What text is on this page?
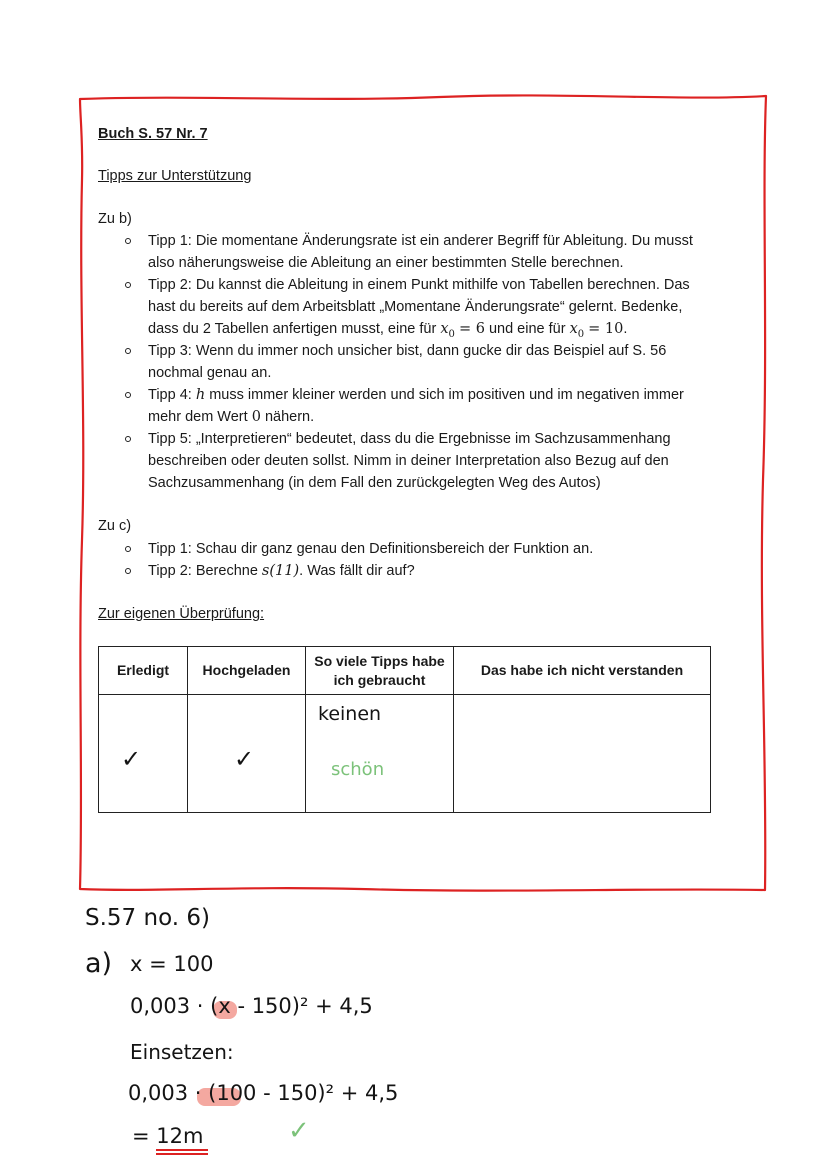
Buch S. 57 Nr. 7
Tipps zur Unterstützung
Zu b)
Tipp 1: Die momentane Änderungsrate ist ein anderer Begriff für Ableitung. Du musst
also näherungsweise die Ableitung an einer bestimmten Stelle berechnen.
Tipp 2: Du kannst die Ableitung in einem Punkt mithilfe von Tabellen berechnen. Das
hast du bereits auf dem Arbeitsblatt „Momentane Änderungsrate“ gelernt. Bedenke,
dass du 2 Tabellen anfertigen musst, eine für $x_0 = 6$ und eine für $x_0 = 10$.
Tipp 3: Wenn du immer noch unsicher bist, dann gucke dir das Beispiel auf S. 56
nochmal genau an.
Tipp 4: h muss immer kleiner werden und sich im positiven und im negativen immer
mehr dem Wert 0 nähern.
Tipp 5: „Interpretieren“ bedeutet, dass du die Ergebnisse im Sachzusammenhang
beschreiben oder deuten sollst. Nimm in deiner Interpretation also Bezug auf den
Sachzusammenhang (in dem Fall den zurückgelegten Weg des Autos)
Zu c)
Tipp 1: Schau dir ganz genau den Definitionsbereich der Funktion an.
Tipp 2: Berechne s(11). Was fällt dir auf?
Zur eigenen Überprüfung:
Erledigt	Hochgeladen	So viele Tipps habe ich gebraucht	Das habe ich nicht verstanden

✓	✓	keinen
schön	

S.57 no. 6)
a) x = 100
0,003 · (x - 150)² + 4,5
Einsetzen:
0,003 · (100 - 150)² + 4,5
= 12m	✓
